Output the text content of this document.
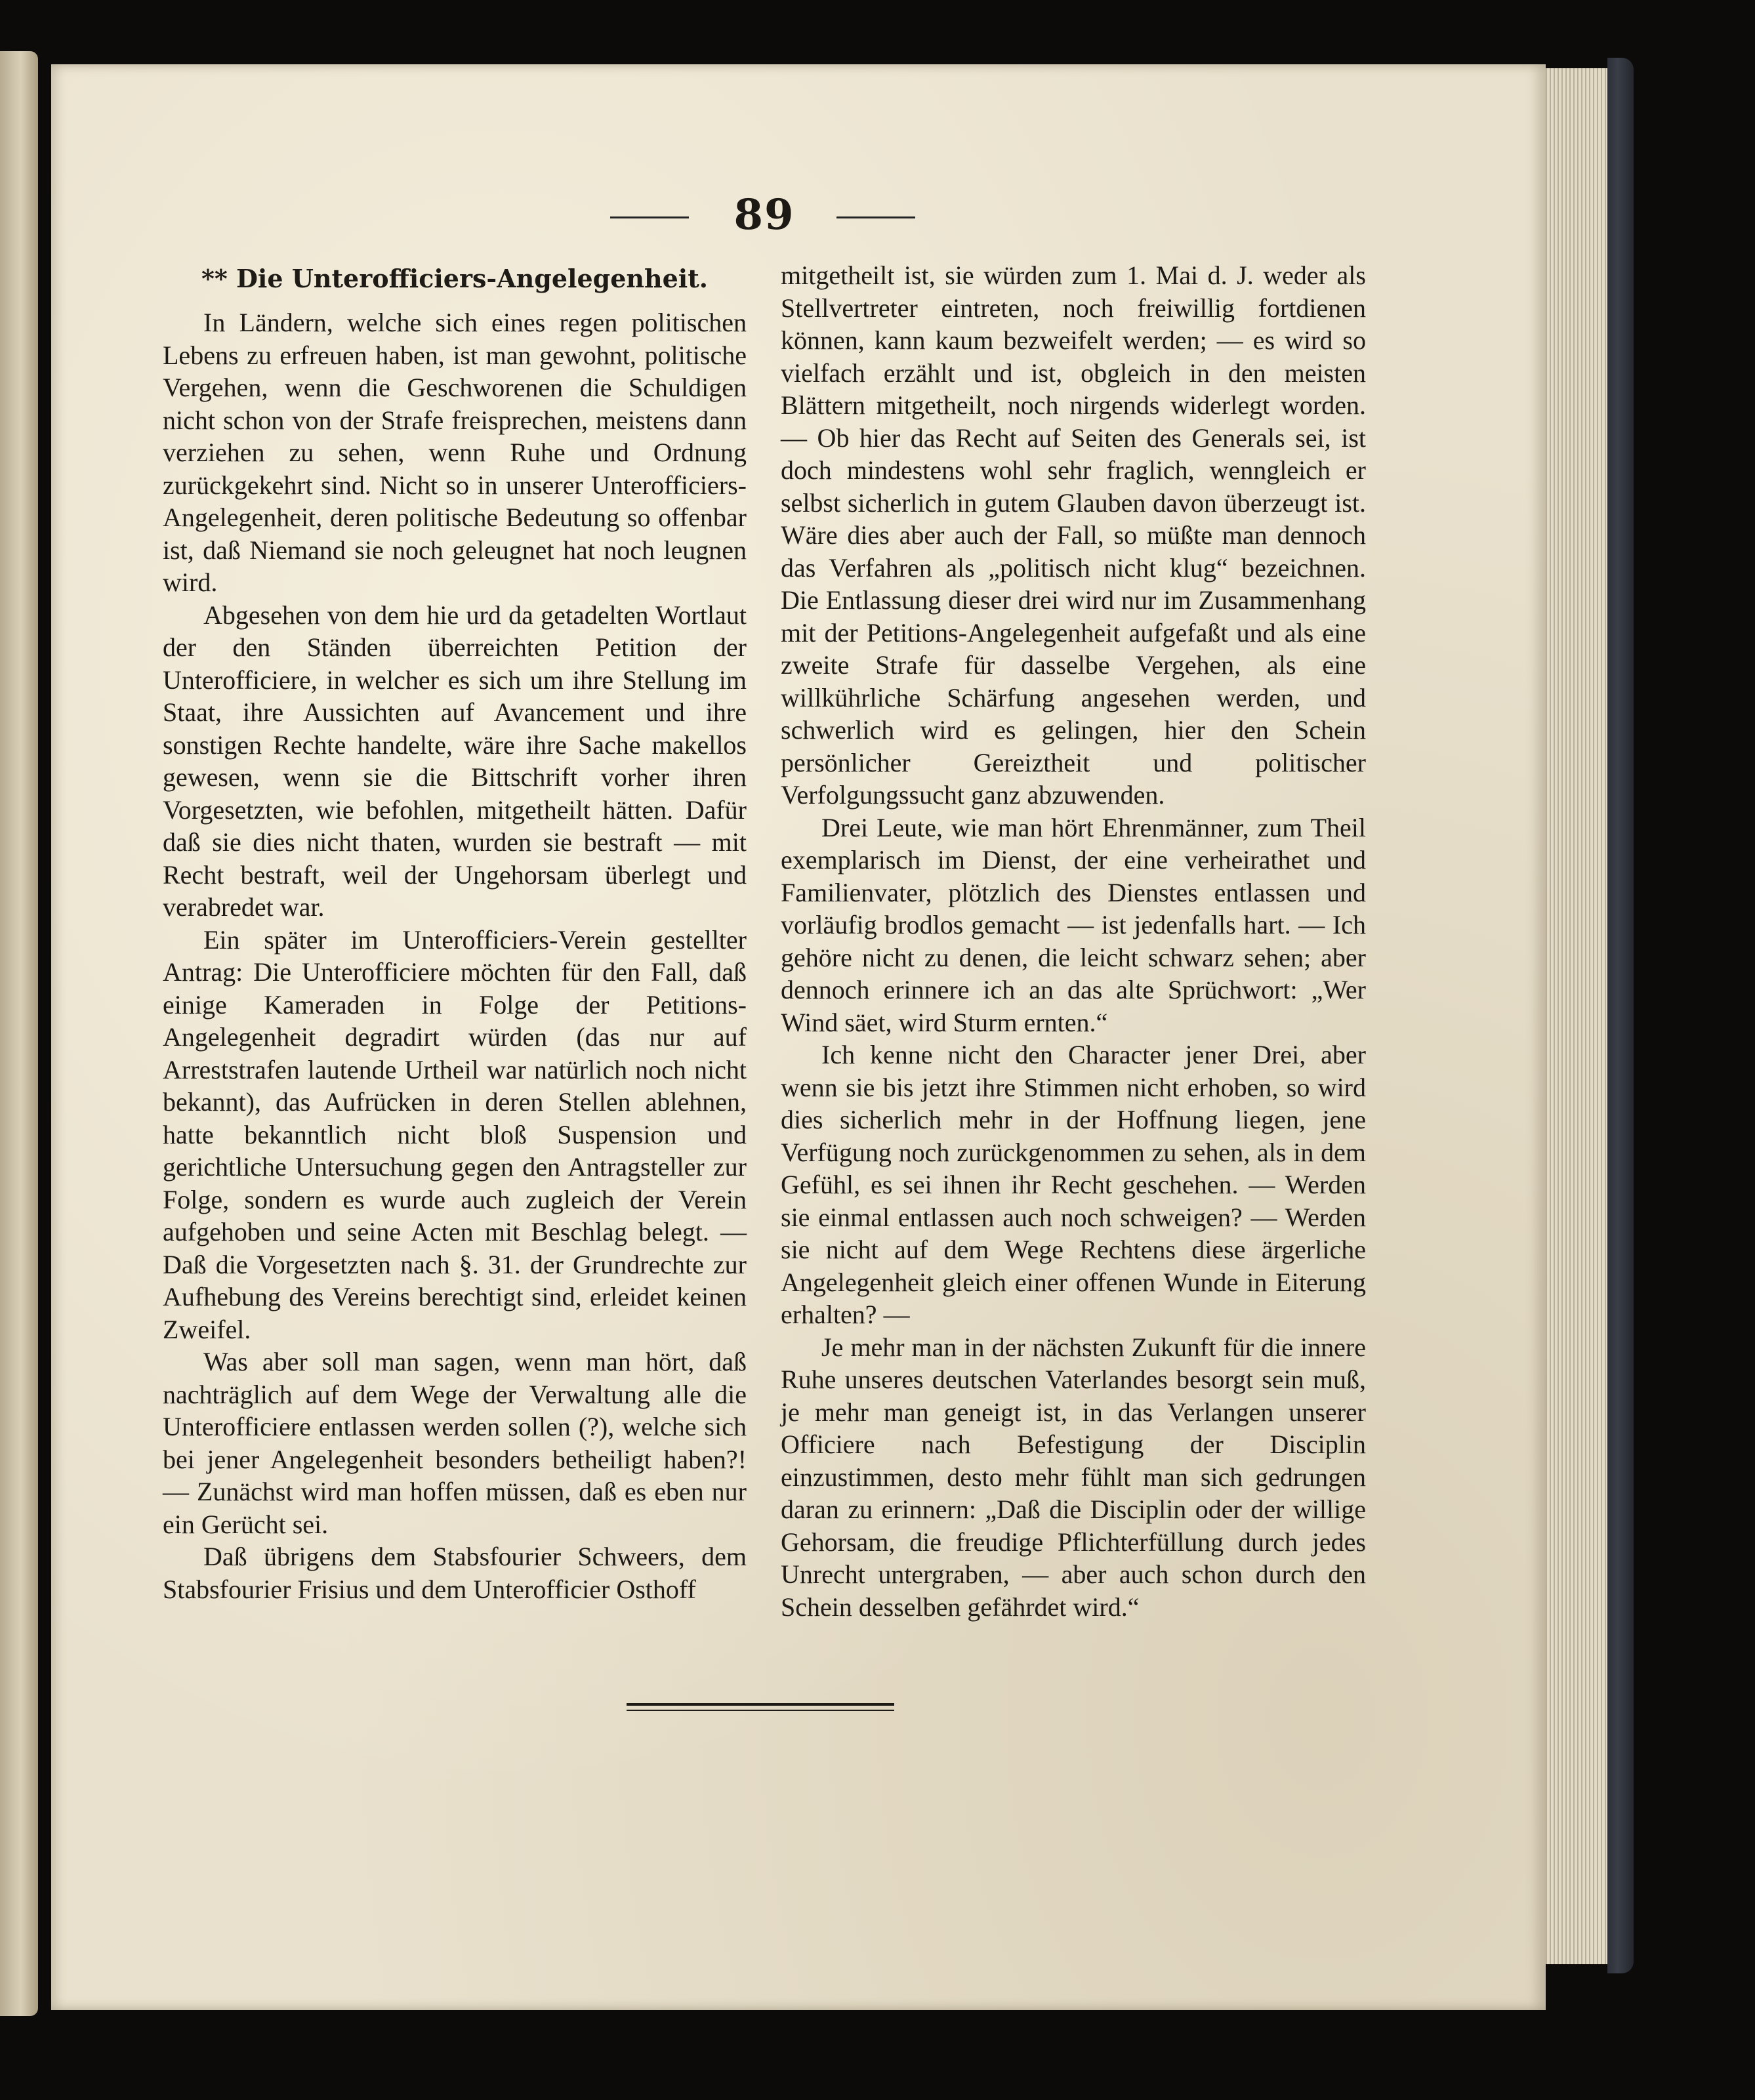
89
** Die Unterofficiers-Angelegenheit.

In Ländern, welche sich eines regen politischen Lebens zu erfreuen haben, ist man gewohnt, politische Vergehen, wenn die Geschworenen die Schuldigen nicht schon von der Strafe freisprechen, meistens dann verziehen zu sehen, wenn Ruhe und Ordnung zurückgekehrt sind. Nicht so in unserer Unterofficiers-Angelegenheit, deren politische Bedeutung so offenbar ist, daß Niemand sie noch geleugnet hat noch leugnen wird.

Abgesehen von dem hie urd da getadelten Wortlaut der den Ständen überreichten Petition der Unterofficiere, in welcher es sich um ihre Stellung im Staat, ihre Aussichten auf Avancement und ihre sonstigen Rechte handelte, wäre ihre Sache makellos gewesen, wenn sie die Bittschrift vorher ihren Vorgesetzten, wie befohlen, mitgetheilt hätten. Dafür daß sie dies nicht thaten, wurden sie bestraft — mit Recht bestraft, weil der Ungehorsam überlegt und verabredet war.

Ein später im Unterofficiers-Verein gestellter Antrag: Die Unterofficiere möchten für den Fall, daß einige Kameraden in Folge der Petitions-Angelegenheit degradirt würden (das nur auf Arreststrafen lautende Urtheil war natürlich noch nicht bekannt), das Aufrücken in deren Stellen ablehnen, hatte bekanntlich nicht bloß Suspension und gerichtliche Untersuchung gegen den Antragsteller zur Folge, sondern es wurde auch zugleich der Verein aufgehoben und seine Acten mit Beschlag belegt. — Daß die Vorgesetzten nach §. 31. der Grundrechte zur Aufhebung des Vereins berechtigt sind, erleidet keinen Zweifel.

Was aber soll man sagen, wenn man hört, daß nachträglich auf dem Wege der Verwaltung alle die Unterofficiere entlassen werden sollen (?), welche sich bei jener Angelegenheit besonders betheiligt haben?! — Zunächst wird man hoffen müssen, daß es eben nur ein Gerücht sei.

Daß übrigens dem Stabsfourier Schweers, dem Stabsfourier Frisius und dem Unterofficier Osthoff

mitgetheilt ist, sie würden zum 1. Mai d. J. weder als Stellvertreter eintreten, noch freiwillig fortdienen können, kann kaum bezweifelt werden; — es wird so vielfach erzählt und ist, obgleich in den meisten Blättern mitgetheilt, noch nirgends widerlegt worden. — Ob hier das Recht auf Seiten des Generals sei, ist doch mindestens wohl sehr fraglich, wenngleich er selbst sicherlich in gutem Glauben davon überzeugt ist. Wäre dies aber auch der Fall, so müßte man dennoch das Verfahren als „politisch nicht klug“ bezeichnen. Die Entlassung dieser drei wird nur im Zusammenhang mit der Petitions-Angelegenheit aufgefaßt und als eine zweite Strafe für dasselbe Vergehen, als eine willkührliche Schärfung angesehen werden, und schwerlich wird es gelingen, hier den Schein persönlicher Gereiztheit und politischer Verfolgungssucht ganz abzuwenden.

Drei Leute, wie man hört Ehrenmänner, zum Theil exemplarisch im Dienst, der eine verheirathet und Familienvater, plötzlich des Dienstes entlassen und vorläufig brodlos gemacht — ist jedenfalls hart. — Ich gehöre nicht zu denen, die leicht schwarz sehen; aber dennoch erinnere ich an das alte Sprüchwort: „Wer Wind säet, wird Sturm ernten.“

Ich kenne nicht den Character jener Drei, aber wenn sie bis jetzt ihre Stimmen nicht erhoben, so wird dies sicherlich mehr in der Hoffnung liegen, jene Verfügung noch zurückgenommen zu sehen, als in dem Gefühl, es sei ihnen ihr Recht geschehen. — Werden sie einmal entlassen auch noch schweigen? — Werden sie nicht auf dem Wege Rechtens diese ärgerliche Angelegenheit gleich einer offenen Wunde in Eiterung erhalten? —

Je mehr man in der nächsten Zukunft für die innere Ruhe unseres deutschen Vaterlandes besorgt sein muß, je mehr man geneigt ist, in das Verlangen unserer Officiere nach Befestigung der Disciplin einzustimmen, desto mehr fühlt man sich gedrungen daran zu erinnern: „Daß die Disciplin oder der willige Gehorsam, die freudige Pflichterfüllung durch jedes Unrecht untergraben, — aber auch schon durch den Schein desselben gefährdet wird.“
